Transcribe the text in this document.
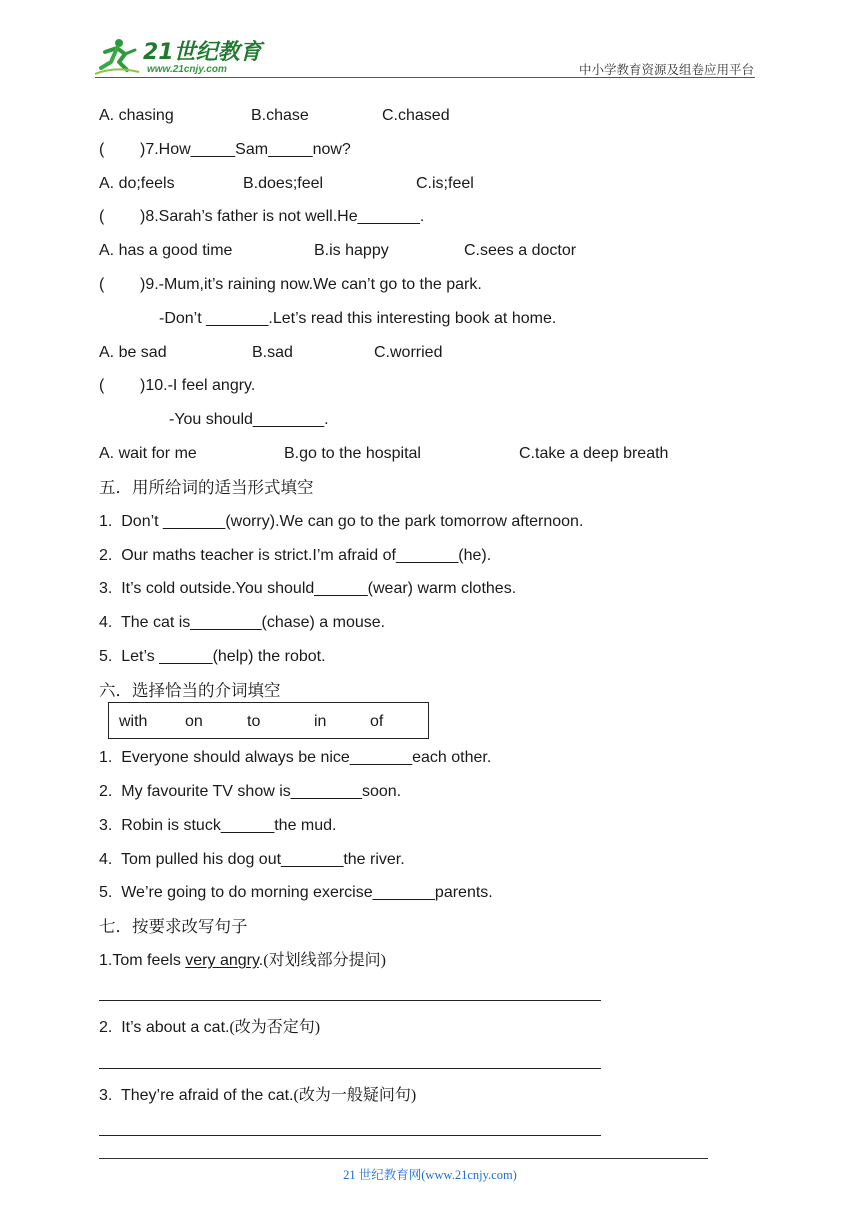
21世纪教育
www.21cnjy.com	中小学教育资源及组卷应用平台
A. chasing	B.chase	C.chased
( )7.How_____Sam_____now?
A. do;feels	B.does;feel	C.is;feel
( )8.Sarah’s father is not well.He_______.
A. has a good time	B.is happy	C.sees a doctor
( )9.-Mum,it’s raining now.We can’t go to the park.
-Don’t _______.Let’s read this interesting book at home.
A. be sad	B.sad	C.worried
( )10.-I feel angry.
-You should________.
A. wait for me	B.go to the hospital	C.take a deep breath
五．用所给词的适当形式填空
1.  Don’t _______(worry).We can go to the park tomorrow afternoon.
2.  Our maths teacher is strict.I’m afraid of_______(he).
3.  It’s cold outside.You should______(wear) warm clothes.
4.  The cat is________(chase) a mouse.
5.  Let’s ______(help) the robot.
六．选择恰当的介词填空
with on	to	in	of
1.  Everyone should always be nice_______each other.
2.  My favourite TV show is________soon.
3.  Robin is stuck______the mud.
4.  Tom pulled his dog out_______the river.
5.  We’re going to do morning exercise_______parents.
七．按要求改写句子
1.Tom feels very angry.(对划线部分提问)
2.  It’s about a cat.(改为否定句)
3.  They’re afraid of the cat.(改为一般疑问句)
21 世纪教育网(www.21cnjy.com)
